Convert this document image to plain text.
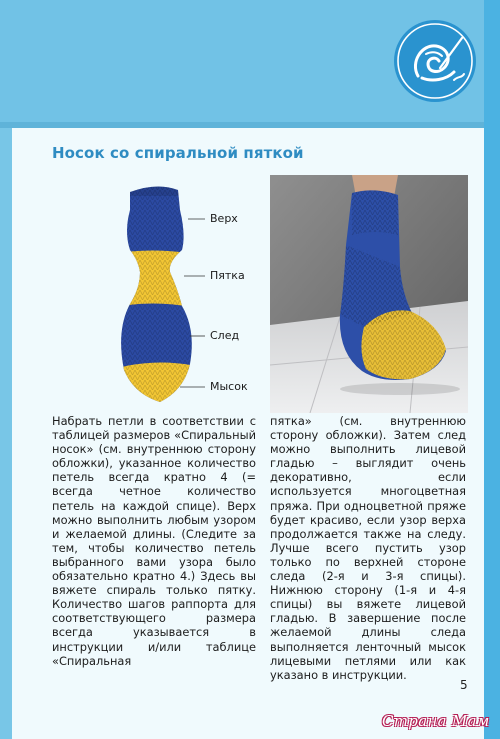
Носок со спиральной пяткой
Верх
Пятка
След
Мысок

Набрать петли в соответствии с таблицей размеров «Спиральный носок» (см. внутреннюю сторону обложки), указанное количество петель всегда кратно 4 (= всегда четное количество петель на каждой спице). Верх можно выполнить любым узором и желаемой длины. (Следите за тем, чтобы количество петель выбранного вами узора было обязательно кратно 4.) Здесь вы вяжете спираль только пятку. Количество шагов раппорта для соответствующего размера всегда указывается в инструкции и/или таблице «Спиральная

пятка» (см. внутреннюю сторону обложки). Затем след можно выполнить лицевой гладью – выглядит очень декоративно, если используется многоцветная пряжа. При одноцветной пряже будет красиво, если узор верха продолжается также на следу. Лучше всего пустить узор только по верхней стороне следа (2-я и 3-я спицы). Нижнюю сторону (1-я и 4-я спицы) вы вяжете лицевой гладью. В завершение после желаемой длины следа выполняется ленточный мысок лицевыми петлями или как указано в инструкции.

5
Страна Мам
